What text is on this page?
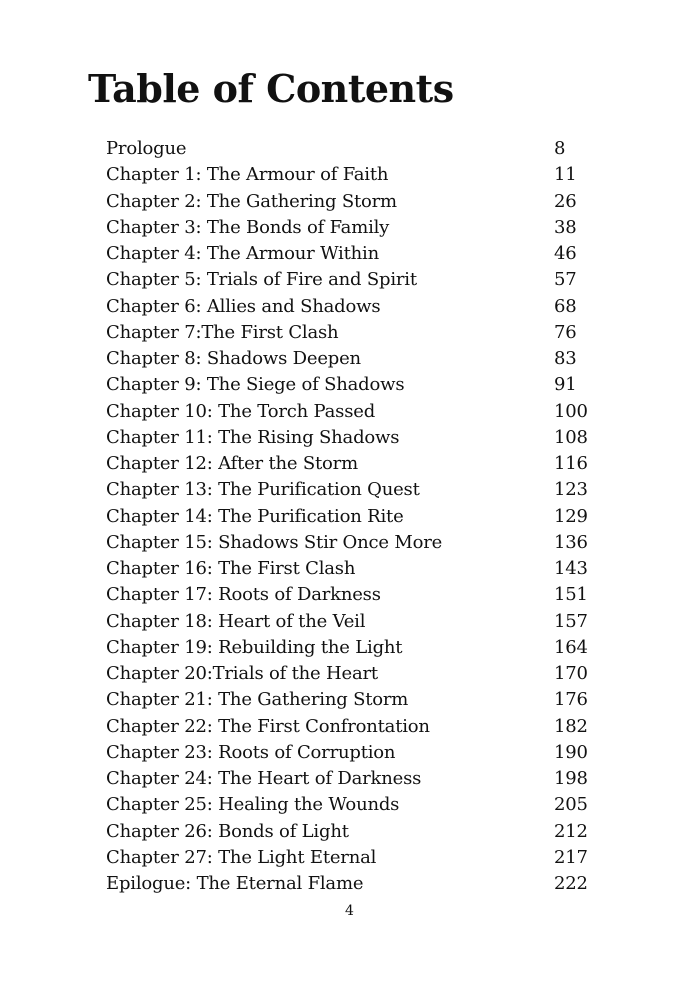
Table of Contents
Prologue	8
Chapter 1: The Armour of Faith	11
Chapter 2: The Gathering Storm	26
Chapter 3: The Bonds of Family	38
Chapter 4: The Armour Within	46
Chapter 5: Trials of Fire and Spirit	57
Chapter 6: Allies and Shadows	68
Chapter 7:The First Clash	76
Chapter 8: Shadows Deepen	83
Chapter 9: The Siege of Shadows	91
Chapter 10: The Torch Passed	100
Chapter 11: The Rising Shadows	108
Chapter 12: After the Storm	116
Chapter 13: The Purification Quest	123
Chapter 14: The Purification Rite	129
Chapter 15: Shadows Stir Once More	136
Chapter 16: The First Clash	143
Chapter 17: Roots of Darkness	151
Chapter 18: Heart of the Veil	157
Chapter 19: Rebuilding the Light	164
Chapter 20:Trials of the Heart	170
Chapter 21: The Gathering Storm	176
Chapter 22: The First Confrontation	182
Chapter 23: Roots of Corruption	190
Chapter 24: The Heart of Darkness	198
Chapter 25: Healing the Wounds	205
Chapter 26: Bonds of Light	212
Chapter 27: The Light Eternal	217
Epilogue: The Eternal Flame	222
4
